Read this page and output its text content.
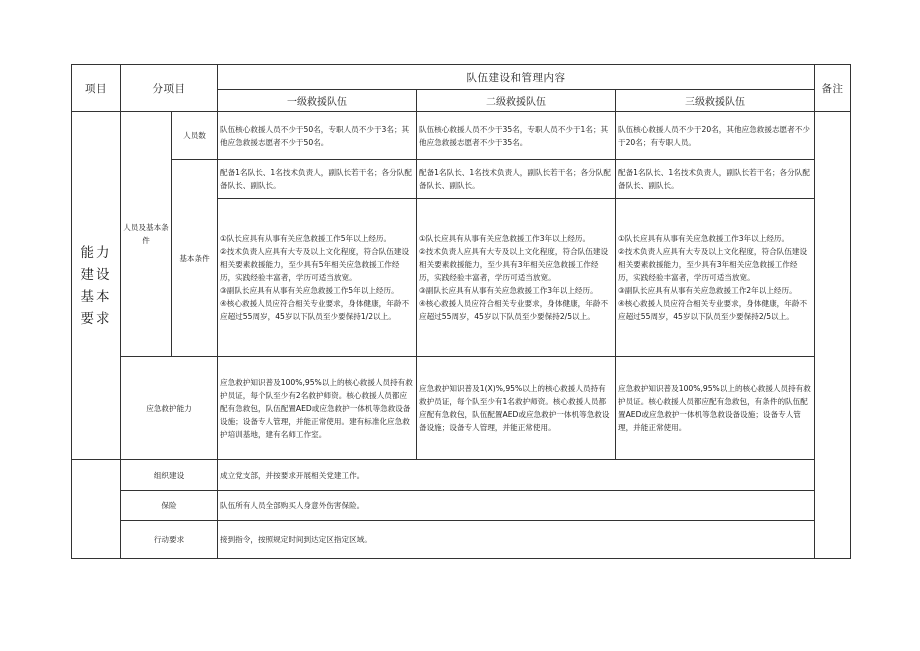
项目	分项目		队伍建设和管理内容			备注
			一级救援队伍	二级救援队伍	三级救援队伍	
能力建设基本要求	人员及基本条件	人员数	队伍核心救援人员不少于50名，专职人员不少于3名；其他应急救援志愿者不少于50名。	队伍核心救援人员不少于35名，专职人员不少于1名；其他应急救援志愿者不少于35名。	队伍核心救援人员不少于20名，其他应急救援志愿者不少于20名；有专职人员。	
		基本条件	配备1名队长、1名技术负责人，副队长若干名；各分队配备队长、副队长。	配备1名队长、1名技术负责人，副队长若干名；各分队配备队长、副队长。	配备1名队长、1名技术负责人，副队长若干名；各分队配备队长、副队长。	

			①队长应具有从事有关应急救援工作5年以上经历。
②技术负责人应具有大专及以上文化程度，符合队伍建设相关要素救援能力，至少具有5年相关应急救援工作经历，实践经验丰富者，学历可适当放宽。
③副队长应具有从事有关应急救援工作5年以上经历。
④核心救援人员应符合相关专业要求，身体健康，年龄不应超过55周岁，45岁以下队员至少要保持1/2以上。	①队长应具有从事有关应急救援工作3年以上经历。
②技术负责人应具有大专及以上文化程度，符合队伍建设相关要素救援能力，至少具有3年相关应急救援工作经历，实践经验丰富者，学历可适当放宽。
③副队长应具有从事有关应急救援工作3年以上经历。
④核心救援人员应符合相关专业要求，身体健康，年龄不应超过55周岁，45岁以下队员至少要保持2/5以上。	①队长应具有从事有关应急救援工作3年以上经历。
②技术负责人应具有大专及以上文化程度，符合队伍建设相关要素救援能力，至少具有3年相关应急救援工作经历，实践经验丰富者，学历可适当放宽。
③副队长应具有从事有关应急救援工作2年以上经历。
④核心救援人员应符合相关专业要求，身体健康，年龄不应超过55周岁，45岁以下队员至少要保持2/5以上。	

	应急救护能力		应急救护知识普及100%,95%以上的核心救援人员持有救护员证，每个队至少有2名救护师资。核心救援人员都应配有急救包，队伍配置AED或应急救护一体机等急救设备设施；设备专人管理，并能正常使用。建有标准化应急救护培训基地，建有名师工作室。	应急救护知识普及1(X)%,95%以上的核心救援人员持有救护员证，每个队至少有1名救护师资。核心救援人员都应配有急救包，队伍配置AED或应急救护一体机等急救设备设施；设备专人管理，并能正常使用。	应急救护知识普及100%,95%以上的核心救援人员持有救护员证。核心救援人员都应配有急救包，有条件的队伍配置AED或应急救护一体机等急救设备设施；设备专人管理，并能正常使用。	

	组织建设		成立党支部，并按要求开展相关党建工作。			
	保险		队伍所有人员全部购买人身意外伤害保险。			
	行动要求		接到指令，按照规定时间到达定区指定区域。			
